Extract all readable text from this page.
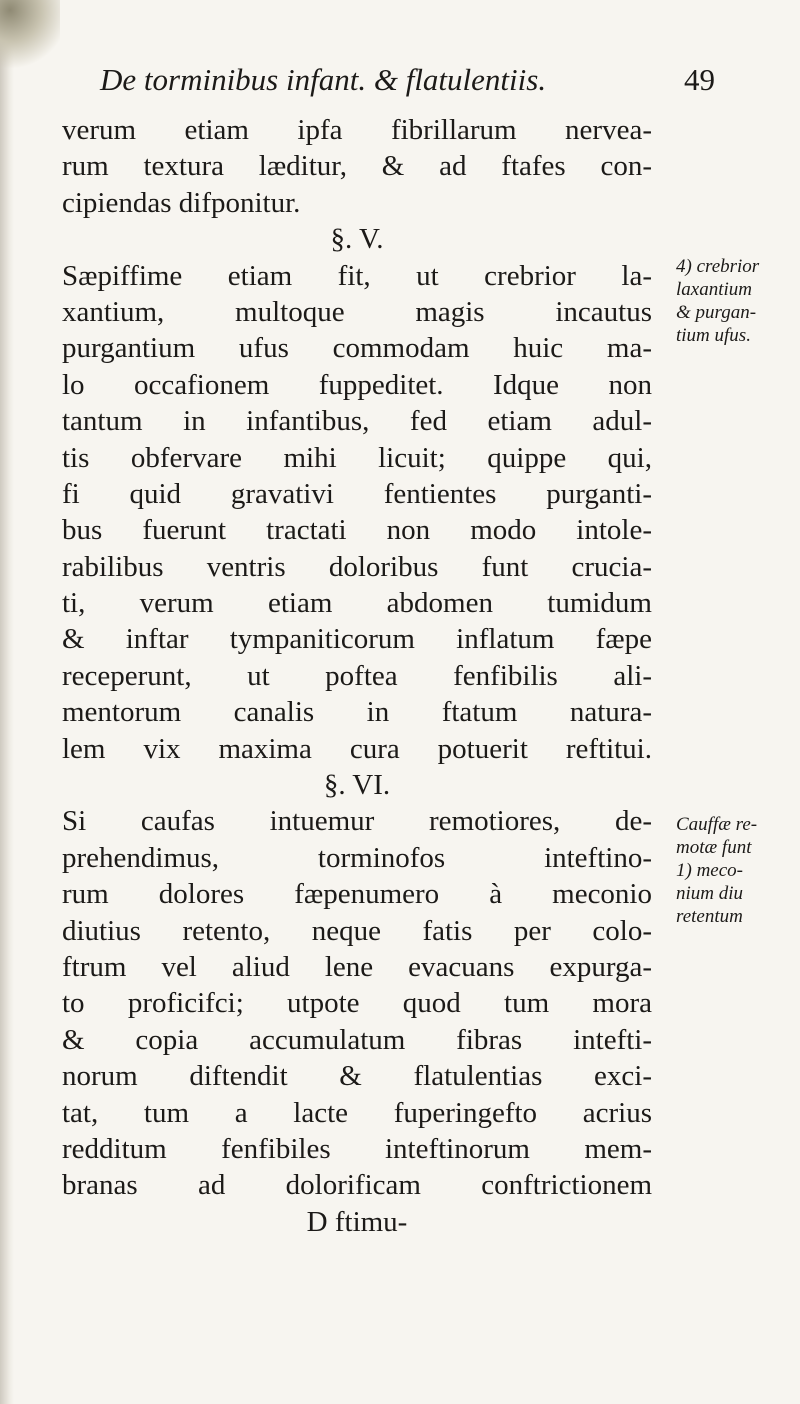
De torminibus infant. & flatulentiis.	49
verum etiam ipfa fibrillarum nervea-
rum textura læditur, & ad ftafes con-
cipiendas difponitur.
§. V.
Sæpiffime etiam fit, ut crebrior la-
xantium, multoque magis incautus
purgantium ufus commodam huic ma-
lo occafionem fuppeditet. Idque non
tantum in infantibus, fed etiam adul-
tis obfervare mihi licuit; quippe qui,
fi quid gravativi fentientes purganti-
bus fuerunt tractati non modo intole-
rabilibus ventris doloribus funt crucia-
ti, verum etiam abdomen tumidum
& inftar tympaniticorum inflatum fæpe
receperunt, ut poftea fenfibilis ali-
mentorum canalis in ftatum natura-
lem vix maxima cura potuerit reftitui.
§. VI.
Si caufas intuemur remotiores, de-
prehendimus, torminofos inteftino-
rum dolores fæpenumero à meconio
diutius retento, neque fatis per colo-
ftrum vel aliud lene evacuans expurga-
to proficifci; utpote quod tum mora
& copia accumulatum fibras intefti-
norum diftendit & flatulentias exci-
tat, tum a lacte fuperingefto acrius
redditum fenfibiles inteftinorum mem-
branas ad dolorificam conftrictionem
D ftimu-
4) crebrior
laxantium
& purgan-
tium ufus.
Cauffæ re-
motæ funt
1) meco-
nium diu
retentum
